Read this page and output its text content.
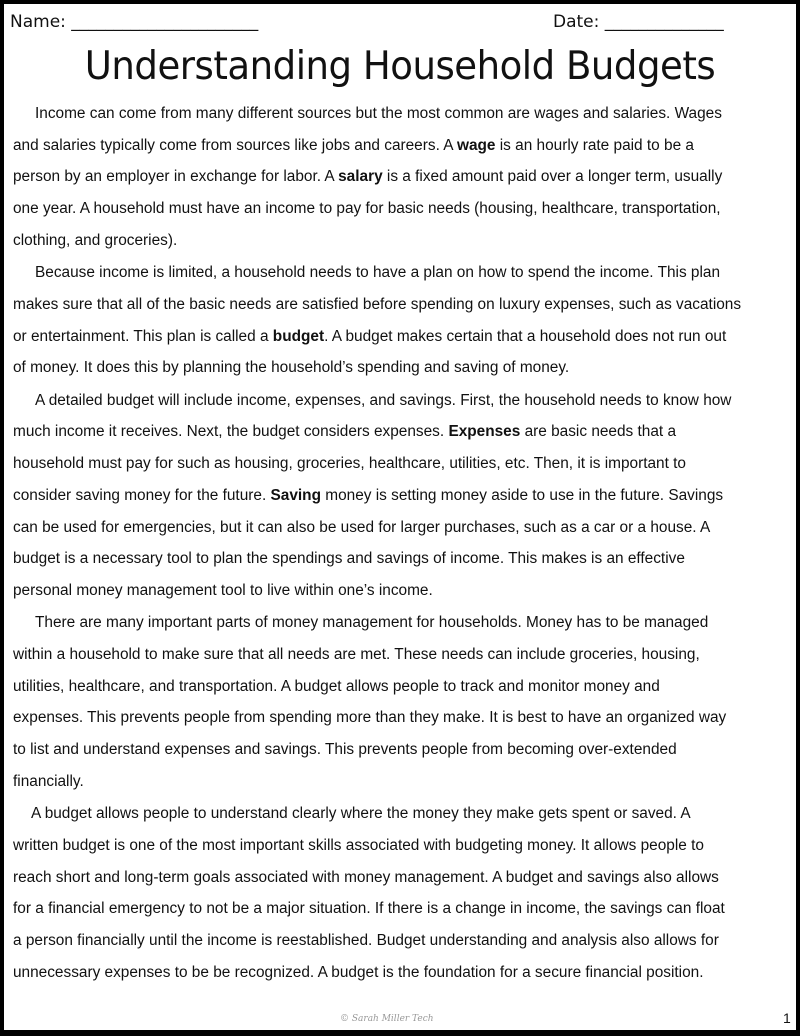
Name: ______________________	Date: ______________
Understanding Household Budgets
Income can come from many different sources but the most common are wages and salaries. Wages
and salaries typically come from sources like jobs and careers. A wage is an hourly rate paid to be a
person by an employer in exchange for labor. A salary is a fixed amount paid over a longer term, usually
one year. A household must have an income to pay for basic needs (housing, healthcare, transportation,
clothing, and groceries).
Because income is limited, a household needs to have a plan on how to spend the income. This plan
makes sure that all of the basic needs are satisfied before spending on luxury expenses, such as vacations
or entertainment. This plan is called a budget. A budget makes certain that a household does not run out
of money. It does this by planning the household’s spending and saving of money.
A detailed budget will include income, expenses, and savings. First, the household needs to know how
much income it receives. Next, the budget considers expenses. Expenses are basic needs that a
household must pay for such as housing, groceries, healthcare, utilities, etc. Then, it is important to
consider saving money for the future. Saving money is setting money aside to use in the future. Savings
can be used for emergencies, but it can also be used for larger purchases, such as a car or a house. A
budget is a necessary tool to plan the spendings and savings of income. This makes is an effective
personal money management tool to live within one’s income.
There are many important parts of money management for households. Money has to be managed
within a household to make sure that all needs are met. These needs can include groceries, housing,
utilities, healthcare, and transportation. A budget allows people to track and monitor money and
expenses. This prevents people from spending more than they make. It is best to have an organized way
to list and understand expenses and savings. This prevents people from becoming over-extended
financially.
A budget allows people to understand clearly where the money they make gets spent or saved. A
written budget is one of the most important skills associated with budgeting money. It allows people to
reach short and long-term goals associated with money management. A budget and savings also allows
for a financial emergency to not be a major situation. If there is a change in income, the savings can float
a person financially until the income is reestablished. Budget understanding and analysis also allows for
unnecessary expenses to be be recognized. A budget is the foundation for a secure financial position.
© Sarah Miller Tech	1
